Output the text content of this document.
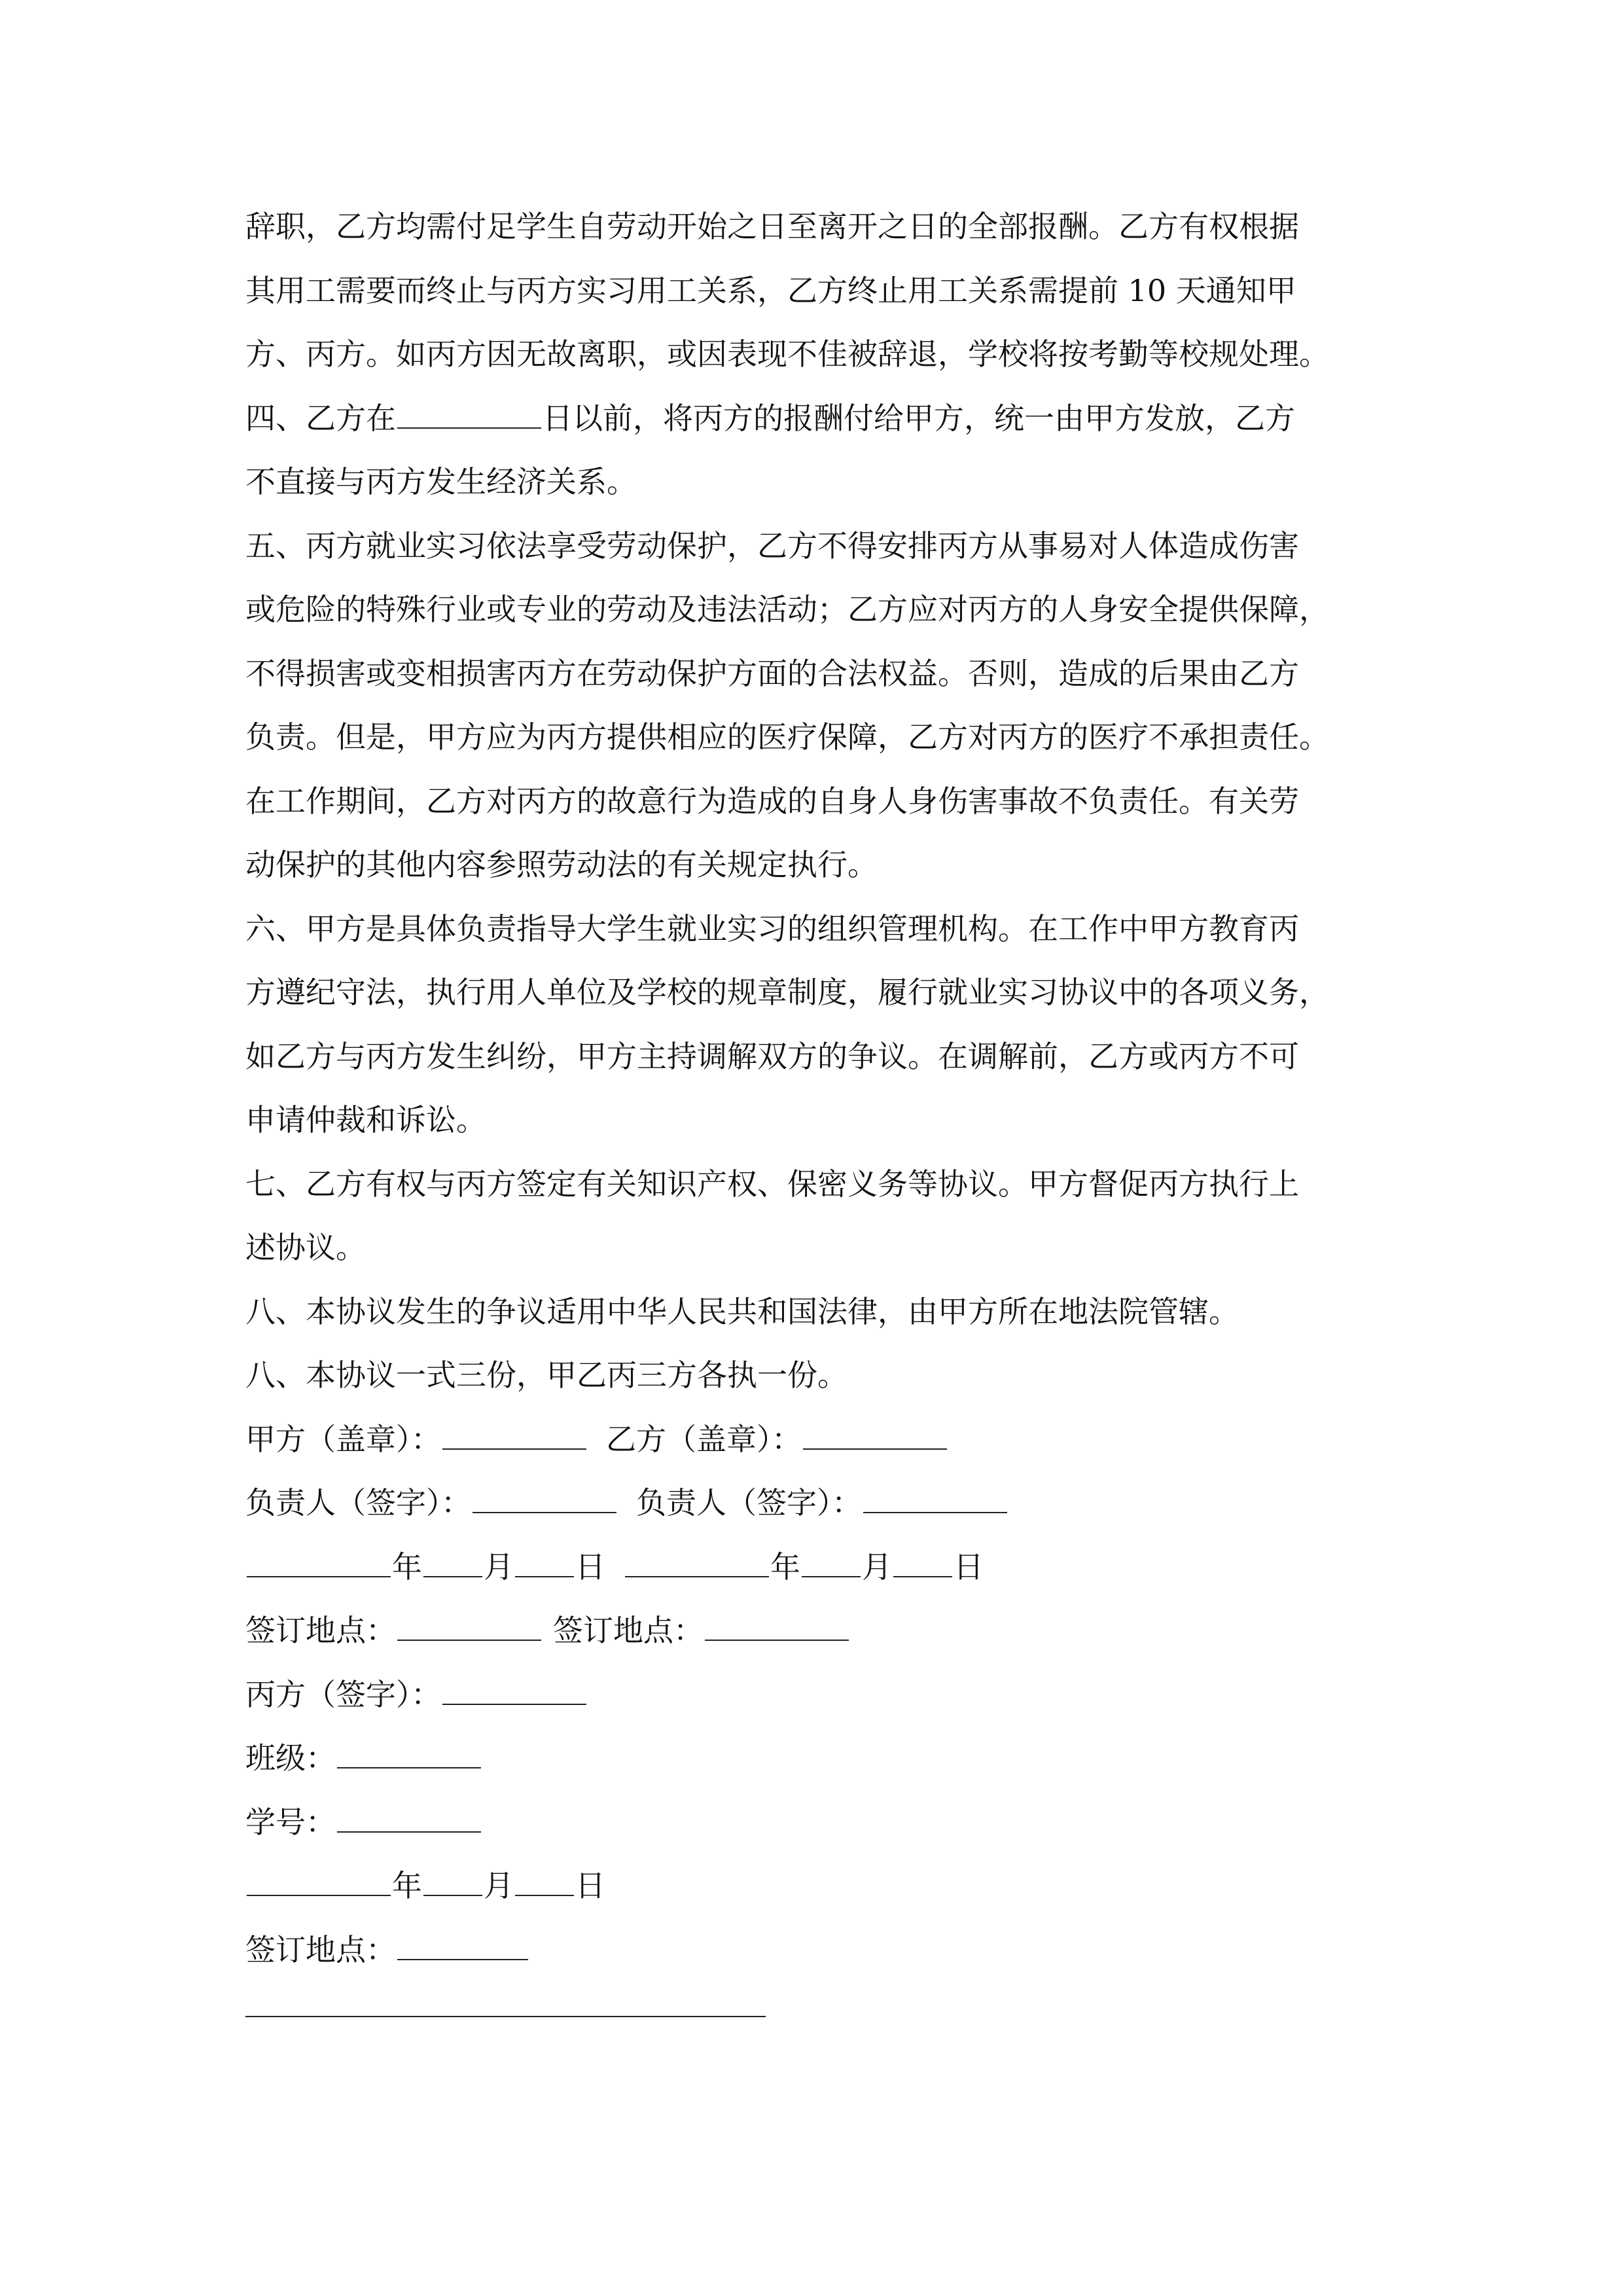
辞职，乙方均需付足学生自劳动开始之日至离开之日的全部报酬。乙方有权根据
其用工需要而终止与丙方实习用工关系，乙方终止用工关系需提前 10 天通知甲
方、丙方。如丙方因无故离职，或因表现不佳被辞退，学校将按考勤等校规处理。
四、乙方在	日以前，将丙方的报酬付给甲方，统一由甲方发放，乙方
不直接与丙方发生经济关系。
五、丙方就业实习依法享受劳动保护，乙方不得安排丙方从事易对人体造成伤害
或危险的特殊行业或专业的劳动及违法活动；乙方应对丙方的人身安全提供保障，
不得损害或变相损害丙方在劳动保护方面的合法权益。否则，造成的后果由乙方
负责。但是，甲方应为丙方提供相应的医疗保障，乙方对丙方的医疗不承担责任。
在工作期间，乙方对丙方的故意行为造成的自身人身伤害事故不负责任。有关劳
动保护的其他内容参照劳动法的有关规定执行。
六、甲方是具体负责指导大学生就业实习的组织管理机构。在工作中甲方教育丙
方遵纪守法，执行用人单位及学校的规章制度，履行就业实习协议中的各项义务，
如乙方与丙方发生纠纷，甲方主持调解双方的争议。在调解前，乙方或丙方不可
申请仲裁和诉讼。
七、乙方有权与丙方签定有关知识产权、保密义务等协议。甲方督促丙方执行上
述协议。
八、本协议发生的争议适用中华人民共和国法律，由甲方所在地法院管辖。
八、本协议一式三份，甲乙丙三方各执一份。
甲方（盖章）：	乙方（盖章）：
负责人（签字）：	负责人（签字）：
年 月 日	年 月 日
签订地点：	签订地点：
丙方（签字）：
班级：
学号：
年 月 日
签订地点：
